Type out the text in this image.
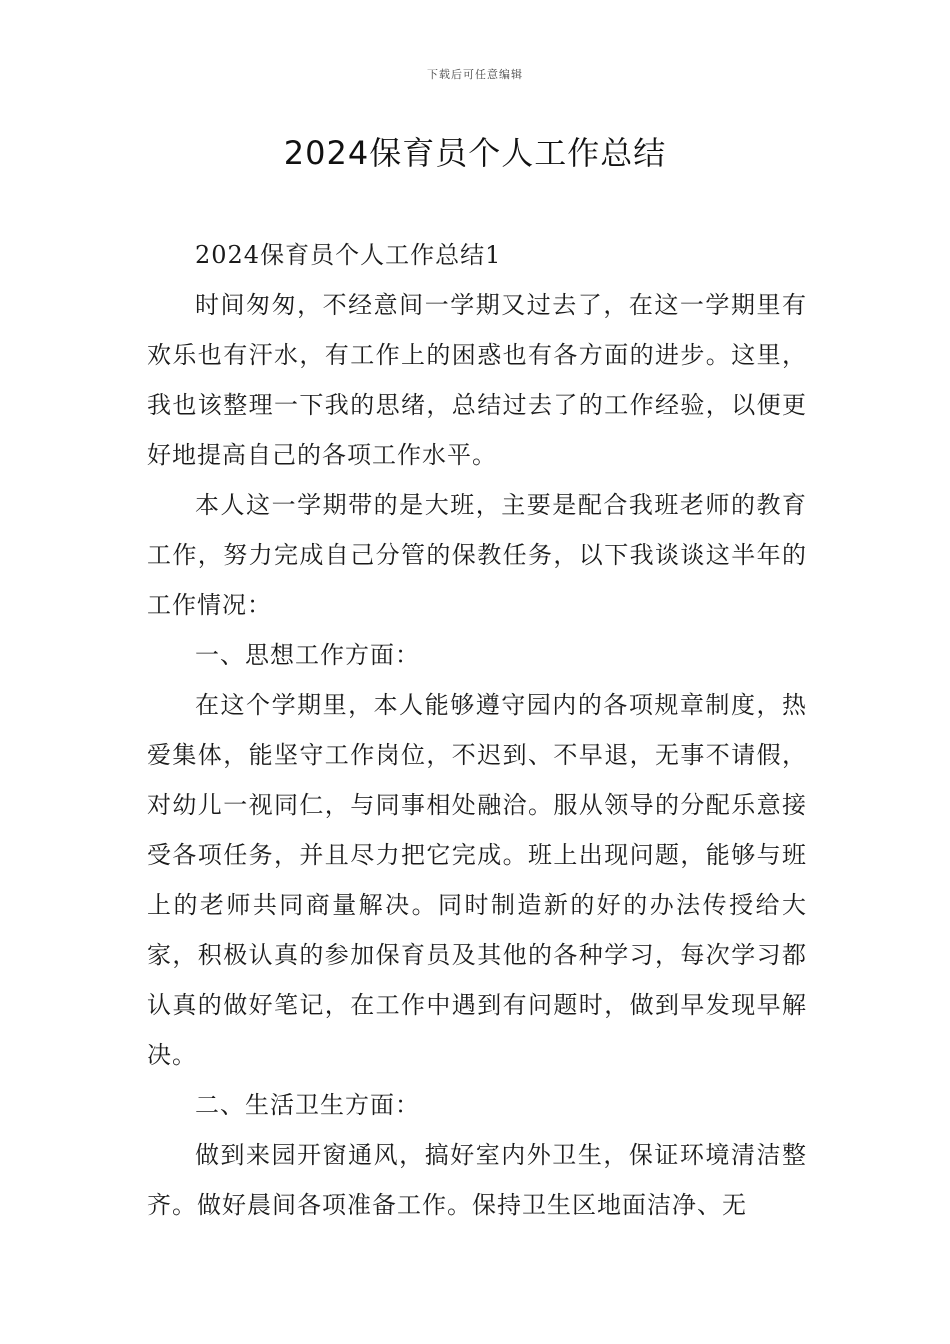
下载后可任意编辑
2024保育员个人工作总结

2024保育员个人工作总结1

时间匆匆，不经意间一学期又过去了，在这一学期里有欢乐也有汗水，有工作上的困惑也有各方面的进步。这里，我也该整理一下我的思绪，总结过去了的工作经验，以便更好地提高自己的各项工作水平。

本人这一学期带的是大班，主要是配合我班老师的教育工作，努力完成自己分管的保教任务，以下我谈谈这半年的工作情况：

一、思想工作方面：

在这个学期里，本人能够遵守园内的各项规章制度，热爱集体，能坚守工作岗位，不迟到、不早退，无事不请假，对幼儿一视同仁，与同事相处融洽。服从领导的分配乐意接受各项任务，并且尽力把它完成。班上出现问题，能够与班上的老师共同商量解决。同时制造新的好的办法传授给大家，积极认真的参加保育员及其他的各种学习，每次学习都认真的做好笔记，在工作中遇到有问题时，做到早发现早解决。

二、生活卫生方面：

做到来园开窗通风，搞好室内外卫生，保证环境清洁整齐。做好晨间各项准备工作。保持卫生区地面洁净、无
